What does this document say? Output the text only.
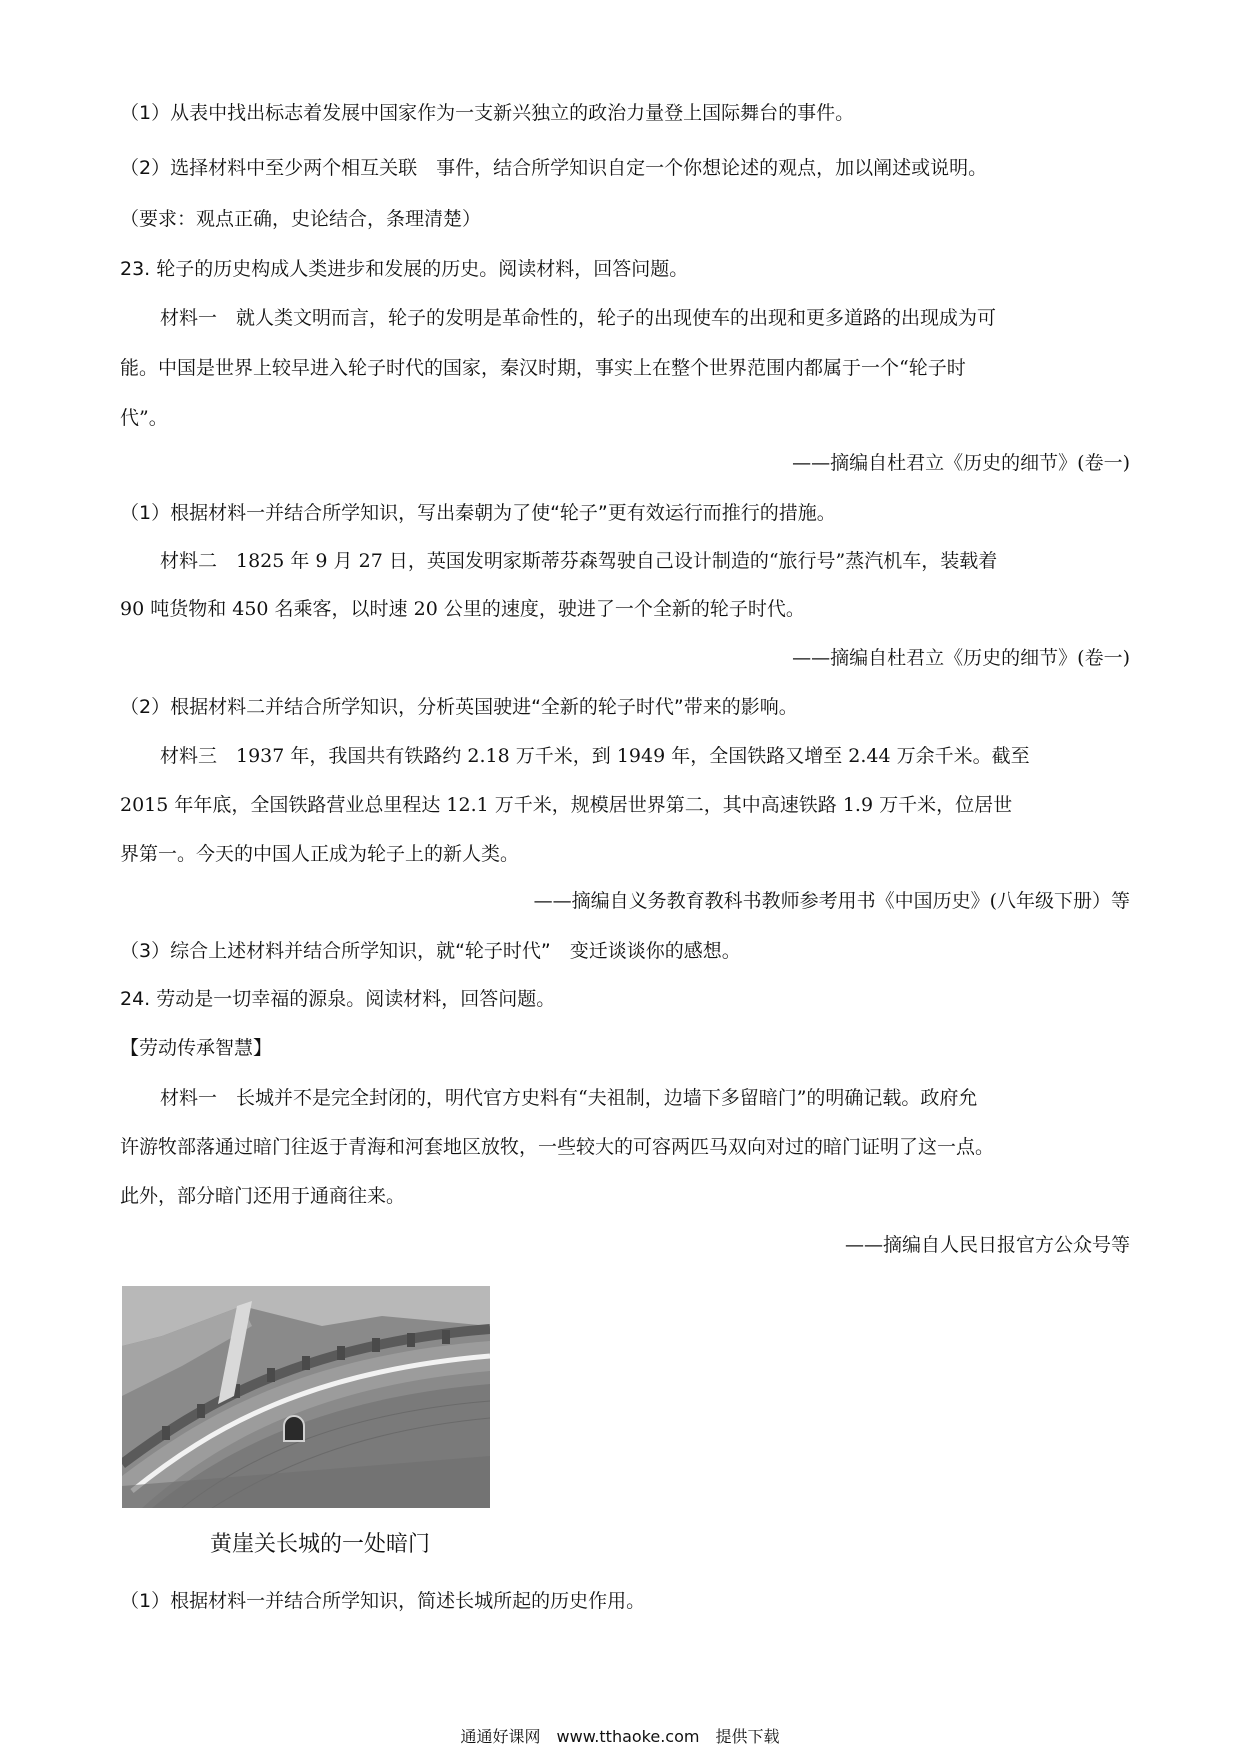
（1）从表中找出标志着发展中国家作为一支新兴独立的政治力量登上国际舞台的事件。
（2）选择材料中至少两个相互关联　事件，结合所学知识自定一个你想论述的观点，加以阐述或说明。
（要求：观点正确，史论结合，条理清楚）
23. 轮子的历史构成人类进步和发展的历史。阅读材料，回答问题。
材料一　就人类文明而言，轮子的发明是革命性的，轮子的出现使车的出现和更多道路的出现成为可
能。中国是世界上较早进入轮子时代的国家，秦汉时期，事实上在整个世界范围内都属于一个“轮子时
代”。
——摘编自杜君立《历史的细节》(卷一)
（1）根据材料一并结合所学知识，写出秦朝为了使“轮子”更有效运行而推行的措施。
材料二　1825 年 9 月 27 日，英国发明家斯蒂芬森驾驶自己设计制造的“旅行号”蒸汽机车，装载着
90 吨货物和 450 名乘客，以时速 20 公里的速度，驶进了一个全新的轮子时代。
——摘编自杜君立《历史的细节》(卷一)
（2）根据材料二并结合所学知识，分析英国驶进“全新的轮子时代”带来的影响。
材料三　1937 年，我国共有铁路约 2.18 万千米，到 1949 年，全国铁路又增至 2.44 万余千米。截至
2015 年年底，全国铁路营业总里程达 12.1 万千米，规模居世界第二，其中高速铁路 1.9 万千米，位居世
界第一。今天的中国人正成为轮子上的新人类。
——摘编自义务教育教科书教师参考用书《中国历史》(八年级下册）等
（3）综合上述材料并结合所学知识，就“轮子时代”　变迁谈谈你的感想。
24. 劳动是一切幸福的源泉。阅读材料，回答问题。
【劳动传承智慧】
材料一　长城并不是完全封闭的，明代官方史料有“夫祖制，边墙下多留暗门”的明确记载。政府允
许游牧部落通过暗门往返于青海和河套地区放牧，一些较大的可容两匹马双向对过的暗门证明了这一点。
此外，部分暗门还用于通商往来。
——摘编自人民日报官方公众号等
黄崖关长城的一处暗门
（1）根据材料一并结合所学知识，简述长城所起的历史作用。
通通好课网　www.tthaoke.com　提供下载
